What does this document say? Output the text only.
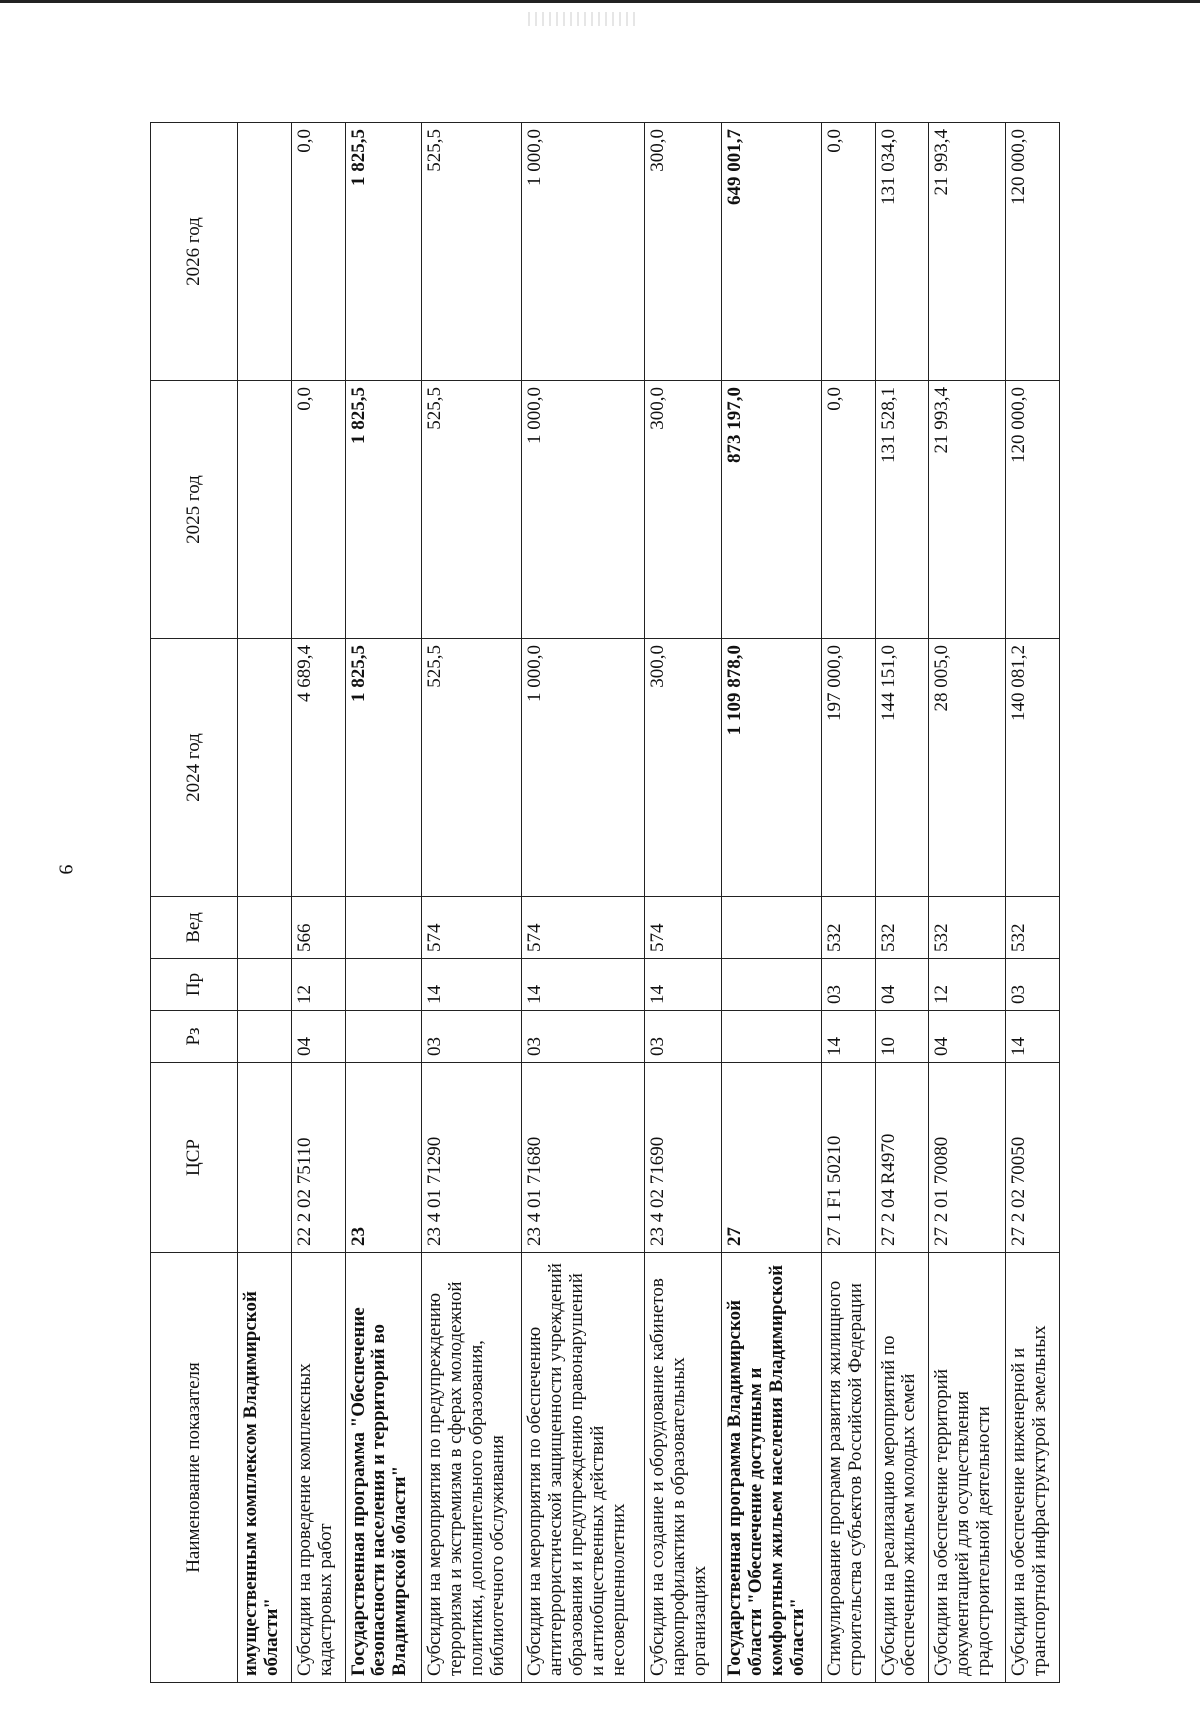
9
Наименование показателя	ЦСР	Рз	Пр	Вед	2024 год	2025 год	2026 год
имущественным комплексом Владимирской области"							
Субсидии на проведение комплексных кадастровых работ	22 2 02 75110	04	12	566	4 689,4	0,0	0,0
Государственная программа "Обеспечение безопасности населения и территорий во Владимирской области"	23				1 825,5	1 825,5	1 825,5
Субсидии на мероприятия по предупреждению терроризма и экстремизма в сферах молодежной политики, дополнительного образования, библиотечного обслуживания	23 4 01 71290	03	14	574	525,5	525,5	525,5
Субсидии на мероприятия по обеспечению антитеррористической защищенности учреждений образования и предупреждению правонарушений и антиобщественных действий несовершеннолетних	23 4 01 71680	03	14	574	1 000,0	1 000,0	1 000,0
Субсидии на создание и оборудование кабинетов наркопрофилактики в образовательных организациях	23 4 02 71690	03	14	574	300,0	300,0	300,0
Государственная программа Владимирской области "Обеспечение доступным и комфортным жильем населения Владимирской области"	27				1 109 878,0	873 197,0	649 001,7
Стимулирование программ развития жилищного строительства субъектов Российской Федерации	27 1 F1 50210	14	03	532	197 000,0	0,0	0,0
Субсидии на реализацию мероприятий по обеспечению жильем молодых семей	27 2 04 R4970	10	04	532	144 151,0	131 528,1	131 034,0
Субсидии на обеспечение территорий документацией для осуществления градостроительной деятельности	27 2 01 70080	04	12	532	28 005,0	21 993,4	21 993,4
Субсидии на обеспечение инженерной и транспортной инфраструктурой земельных	27 2 02 70050	14	03	532	140 081,2	120 000,0	120 000,0
